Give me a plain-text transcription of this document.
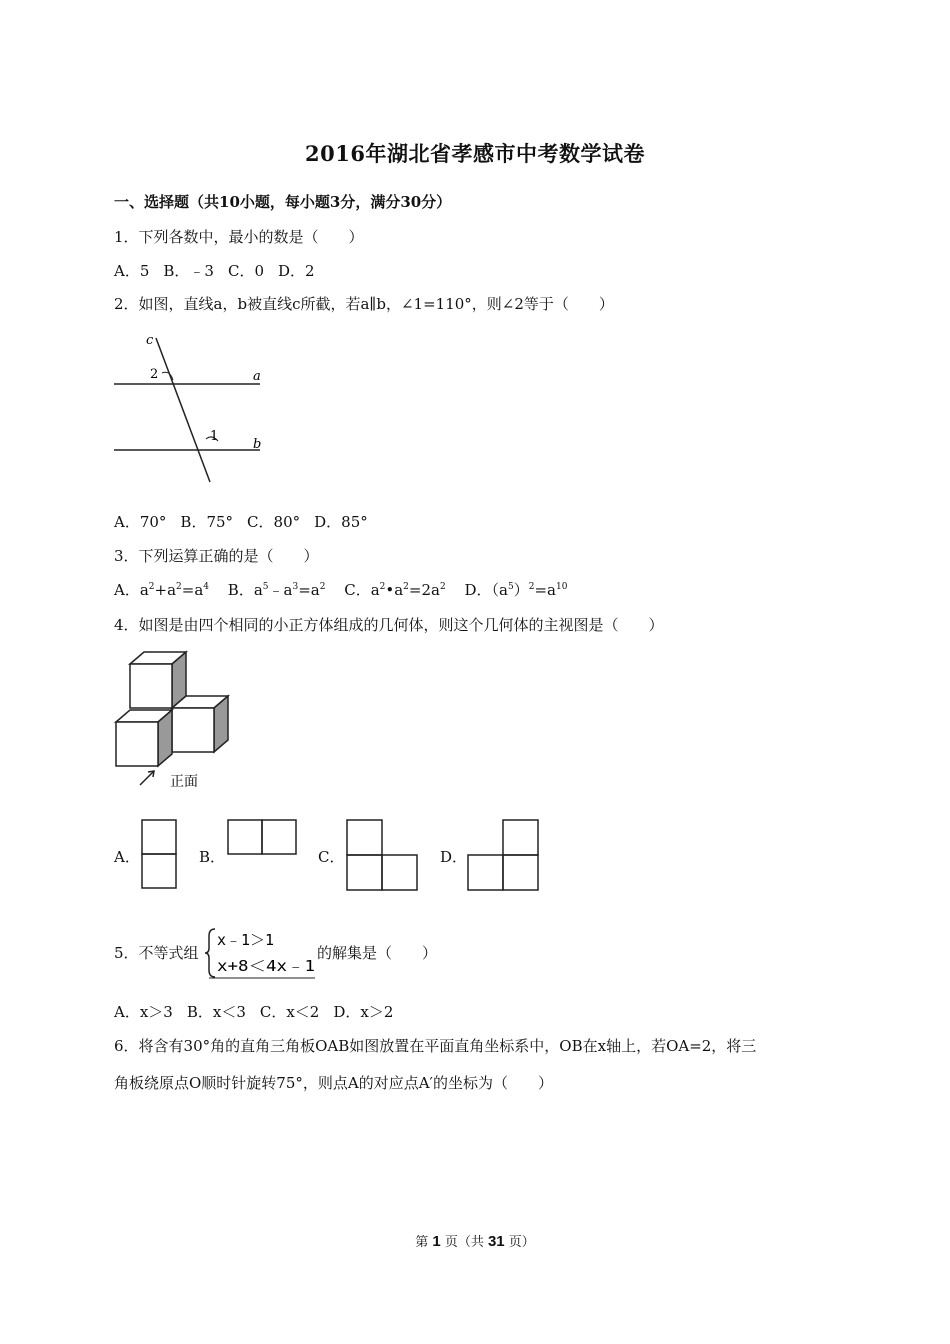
2016年湖北省孝感市中考数学试卷
一、选择题（共10小题，每小题3分，满分30分）
1．下列各数中，最小的数是（　　）
A．5 B．﹣3 C．0 D．2
2．如图，直线a，b被直线c所截，若a∥b，∠1=110°，则∠2等于（　　）
c
2	a
1
b
A．70° B．75° C．80° D．85°
3．下列运算正确的是（　　）
A．$a^2+a^2=a^4$ B．$a^5﹣a^3=a^2$ C．$a^2•a^2=2a^2$ D．$(a^5)^2=a^{10}$
4．如图是由四个相同的小正方体组成的几何体，则这个几何体的主视图是（　　）
正面
A．	B．	C．	D．
5．不等式组
x﹣1＞1
x+8＜4x﹣1
的解集是（　　）
A．x＞3 B．x＜3 C．x＜2 D．x＞2
6．将含有30°角的直角三角板OAB如图放置在平面直角坐标系中，OB在x轴上，若OA=2，将三
角板绕原点O顺时针旋转75°，则点A的对应点A′的坐标为（　　）
第 1 页（共 31 页）
